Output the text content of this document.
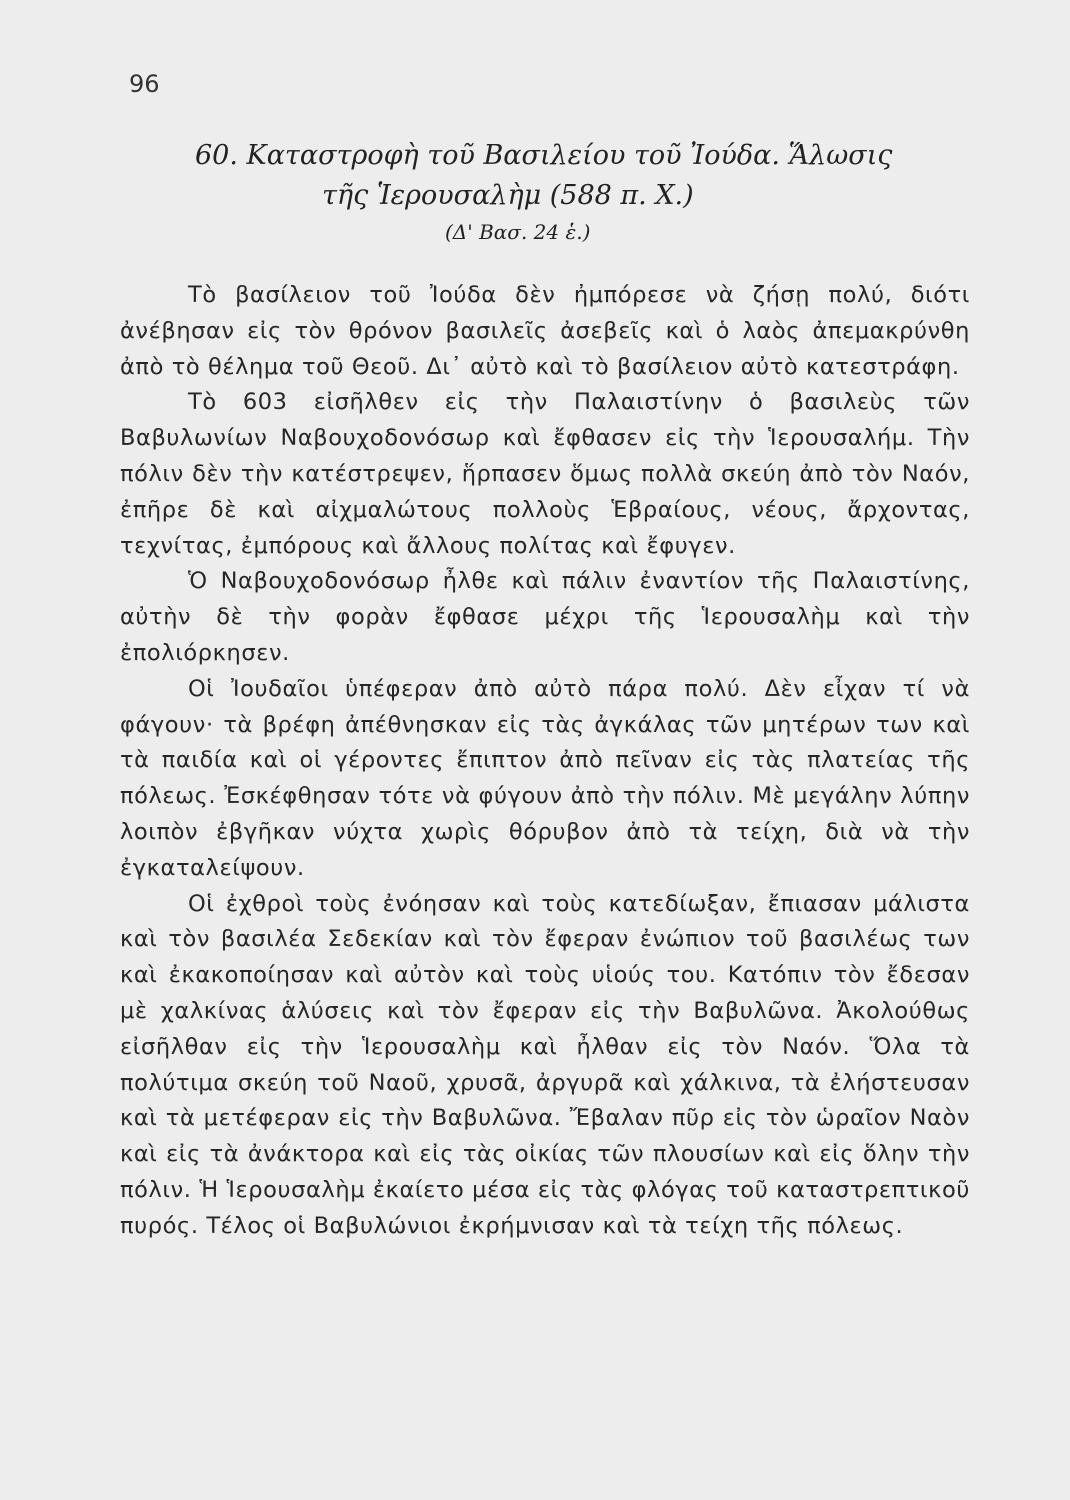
96
60. Καταστροφὴ τοῦ Βασιλείου τοῦ Ἰούδα. Ἅλωσις
τῆς Ἱερουσαλὴμ (588 π. Χ.)
(Δ' Βασ. 24 ἑ.)

Τὸ βασίλειον τοῦ Ἰούδα δὲν ἠμπόρεσε νὰ ζήσῃ πολύ, διότι ἀνέβησαν εἰς τὸν θρόνον βασιλεῖς ἀσεβεῖς καὶ ὁ λαὸς ἀπεμακρύνθη ἀπὸ τὸ θέλημα τοῦ Θεοῦ. Δι᾽ αὐτὸ καὶ τὸ βασίλειον αὐτὸ κατεστράφη.

Τὸ 603 εἰσῆλθεν εἰς τὴν Παλαιστίνην ὁ βασιλεὺς τῶν Βαβυλωνίων Ναβουχοδονόσωρ καὶ ἔφθασεν εἰς τὴν Ἱερουσαλήμ. Τὴν πόλιν δὲν τὴν κατέστρεψεν, ἥρπασεν ὅμως πολλὰ σκεύη ἀπὸ τὸν Ναόν, ἐπῆρε δὲ καὶ αἰχμαλώτους πολλοὺς Ἑβραίους, νέους, ἄρχοντας, τεχνίτας, ἐμπόρους καὶ ἄλλους πολίτας καὶ ἔφυγεν.

Ὁ Ναβουχοδονόσωρ ἦλθε καὶ πάλιν ἐναντίον τῆς Παλαιστίνης, αὐτὴν δὲ τὴν φορὰν ἔφθασε μέχρι τῆς Ἱερουσαλὴμ καὶ τὴν ἐπολιόρκησεν.

Οἱ Ἰουδαῖοι ὑπέφεραν ἀπὸ αὐτὸ πάρα πολύ. Δὲν εἶχαν τί νὰ φάγουν· τὰ βρέφη ἀπέθνησκαν εἰς τὰς ἀγκάλας τῶν μητέρων των καὶ τὰ παιδία καὶ οἱ γέροντες ἔπιπτον ἀπὸ πεῖναν εἰς τὰς πλατείας τῆς πόλεως. Ἐσκέφθησαν τότε νὰ φύγουν ἀπὸ τὴν πόλιν. Μὲ μεγάλην λύπην λοιπὸν ἐβγῆκαν νύχτα χωρὶς θόρυβον ἀπὸ τὰ τείχη, διὰ νὰ τὴν ἐγκαταλείψουν.

Οἱ ἐχθροὶ τοὺς ἐνόησαν καὶ τοὺς κατεδίωξαν, ἔπιασαν μάλιστα καὶ τὸν βασιλέα Σεδεκίαν καὶ τὸν ἔφεραν ἐνώπιον τοῦ βασιλέως των καὶ ἐκακοποίησαν καὶ αὐτὸν καὶ τοὺς υἱούς του. Κατόπιν τὸν ἔδεσαν μὲ χαλκίνας ἁλύσεις καὶ τὸν ἔφεραν εἰς τὴν Βαβυλῶνα. Ἀκολούθως εἰσῆλθαν εἰς τὴν Ἱερουσαλὴμ καὶ ἦλθαν εἰς τὸν Ναόν. Ὅλα τὰ πολύτιμα σκεύη τοῦ Ναοῦ, χρυσᾶ, ἀργυρᾶ καὶ χάλκινα, τὰ ἐλήστευσαν καὶ τὰ μετέφεραν εἰς τὴν Βαβυλῶνα. Ἔβαλαν πῦρ εἰς τὸν ὡραῖον Ναὸν καὶ εἰς τὰ ἀνάκτορα καὶ εἰς τὰς οἰκίας τῶν πλουσίων καὶ εἰς ὅλην τὴν πόλιν. Ἡ Ἱερουσαλὴμ ἐκαίετο μέσα εἰς τὰς φλόγας τοῦ καταστρεπτικοῦ πυρός. Τέλος οἱ Βαβυλώνιοι ἐκρήμνισαν καὶ τὰ τείχη τῆς πόλεως.
